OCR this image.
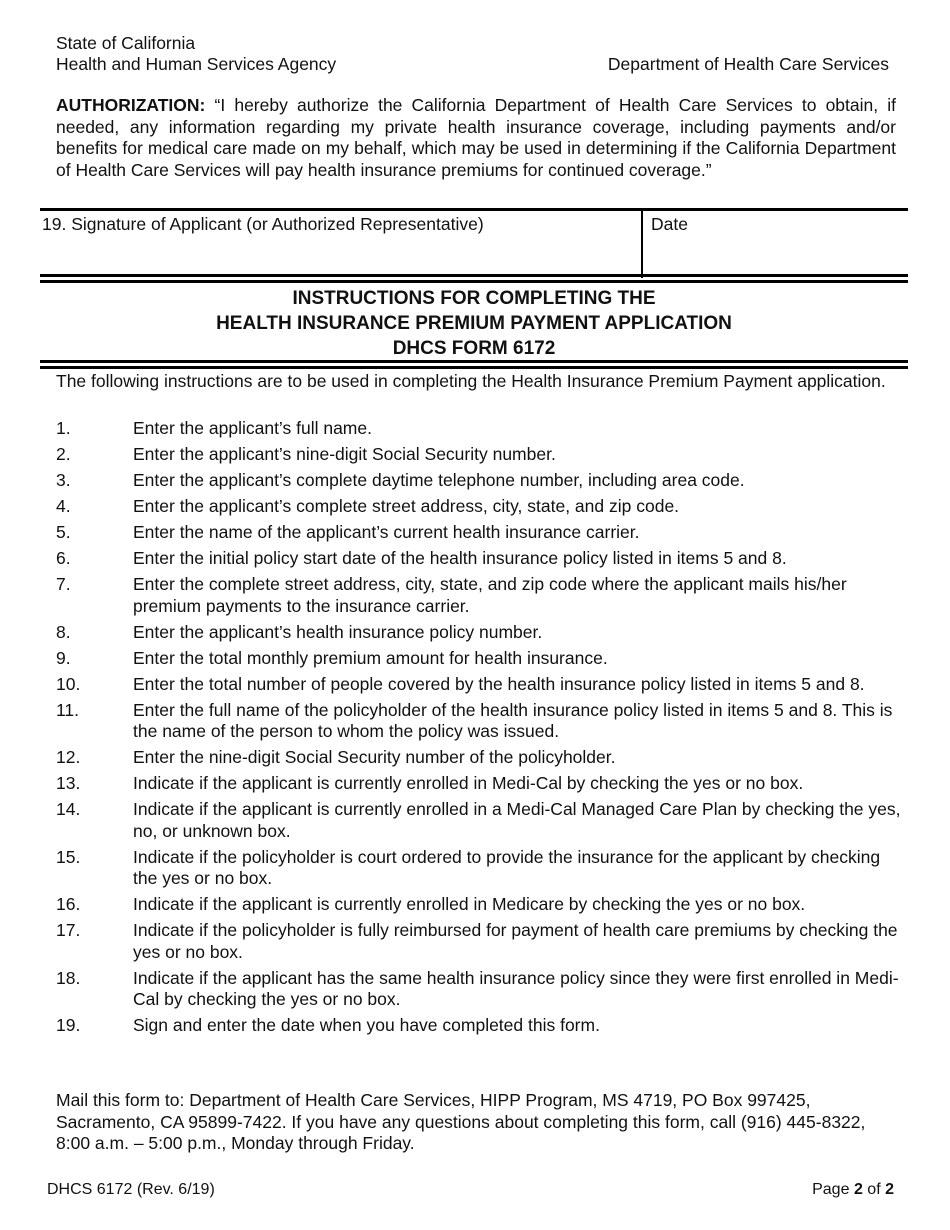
State of California
Health and Human Services Agency	Department of Health Care Services
AUTHORIZATION: “I hereby authorize the California Department of Health Care Services to obtain, if needed, any information regarding my private health insurance coverage, including payments and/or benefits for medical care made on my behalf, which may be used in determining if the California Department of Health Care Services will pay health insurance premiums for continued coverage.”
19. Signature of Applicant (or Authorized Representative)	Date
INSTRUCTIONS FOR COMPLETING THE
HEALTH INSURANCE PREMIUM PAYMENT APPLICATION
DHCS FORM 6172
The following instructions are to be used in completing the Health Insurance Premium Payment application.
1.	Enter the applicant’s full name.
2.	Enter the applicant’s nine-digit Social Security number.
3.	Enter the applicant’s complete daytime telephone number, including area code.
4.	Enter the applicant’s complete street address, city, state, and zip code.
5.	Enter the name of the applicant’s current health insurance carrier.
6.	Enter the initial policy start date of the health insurance policy listed in items 5 and 8.
7.	Enter the complete street address, city, state, and zip code where the applicant mails his/her premium payments to the insurance carrier.
8.	Enter the applicant’s health insurance policy number.
9.	Enter the total monthly premium amount for health insurance.
10.	Enter the total number of people covered by the health insurance policy listed in items 5 and 8.
11.	Enter the full name of the policyholder of the health insurance policy listed in items 5 and 8. This is the name of the person to whom the policy was issued.
12.	Enter the nine-digit Social Security number of the policyholder.
13.	Indicate if the applicant is currently enrolled in Medi-Cal by checking the yes or no box.
14.	Indicate if the applicant is currently enrolled in a Medi-Cal Managed Care Plan by checking the yes, no, or unknown box.
15.	Indicate if the policyholder is court ordered to provide the insurance for the applicant by checking the yes or no box.
16.	Indicate if the applicant is currently enrolled in Medicare by checking the yes or no box.
17.	Indicate if the policyholder is fully reimbursed for payment of health care premiums by checking the yes or no box.
18.	Indicate if the applicant has the same health insurance policy since they were first enrolled in Medi-Cal by checking the yes or no box.
19.	Sign and enter the date when you have completed this form.
Mail this form to: Department of Health Care Services, HIPP Program, MS 4719, PO Box 997425, Sacramento, CA 95899-7422. If you have any questions about completing this form, call (916) 445-8322, 8:00 a.m. – 5:00 p.m., Monday through Friday.
DHCS 6172 (Rev. 6/19)	Page 2 of 2
